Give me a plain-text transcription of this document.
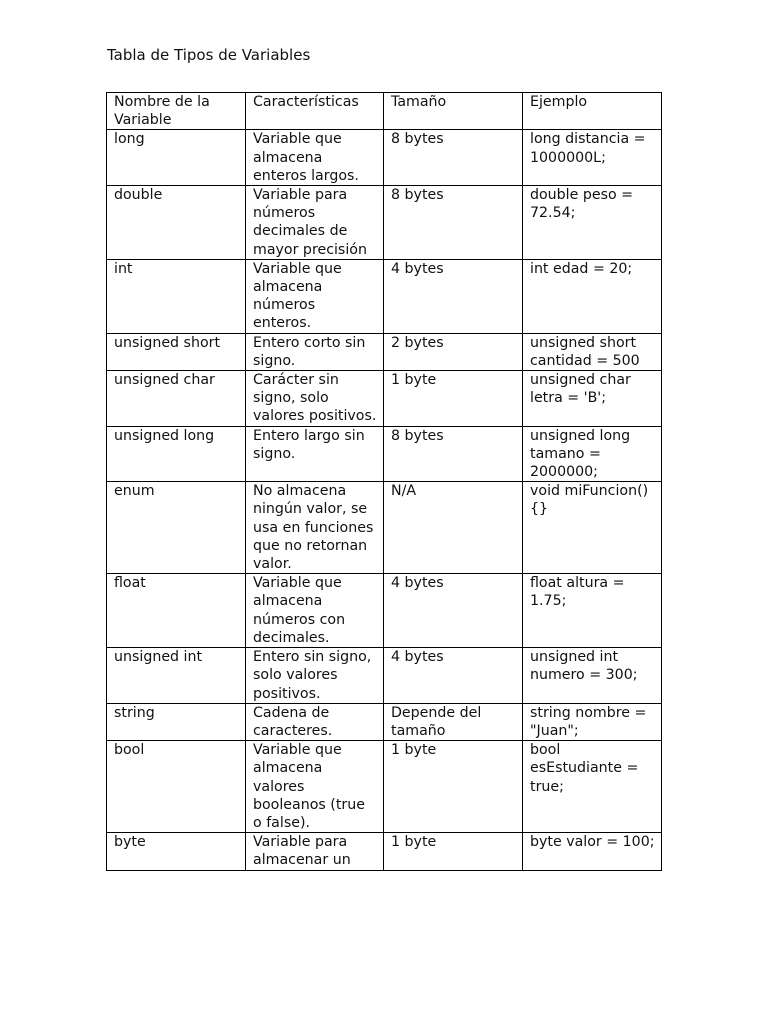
Tabla de Tipos de Variables
Nombre de la Variable	Características	Tamaño	Ejemplo
long	Variable que almacena enteros largos.	8 bytes	long distancia = 1000000L;
double	Variable para números decimales de mayor precisión	8 bytes	double peso = 72.54;
int	Variable que almacena números enteros.	4 bytes	int edad = 20;
unsigned short	Entero corto sin signo.	2 bytes	unsigned short cantidad = 500
unsigned char	Carácter sin signo, solo valores positivos.	1 byte	unsigned char letra = 'B';
unsigned long	Entero largo sin signo.	8 bytes	unsigned long tamano = 2000000;
enum	No almacena ningún valor, se usa en funciones que no retornan valor.	N/A	void miFuncion() {}
float	Variable que almacena números con decimales.	4 bytes	float altura = 1.75;
unsigned int	Entero sin signo, solo valores positivos.	4 bytes	unsigned int numero = 300;
string	Cadena de caracteres.	Depende del tamaño	string nombre = "Juan";
bool	Variable que almacena valores booleanos (true o false).	1 byte	bool esEstudiante = true;
byte	Variable para almacenar un	1 byte	byte valor = 100;
